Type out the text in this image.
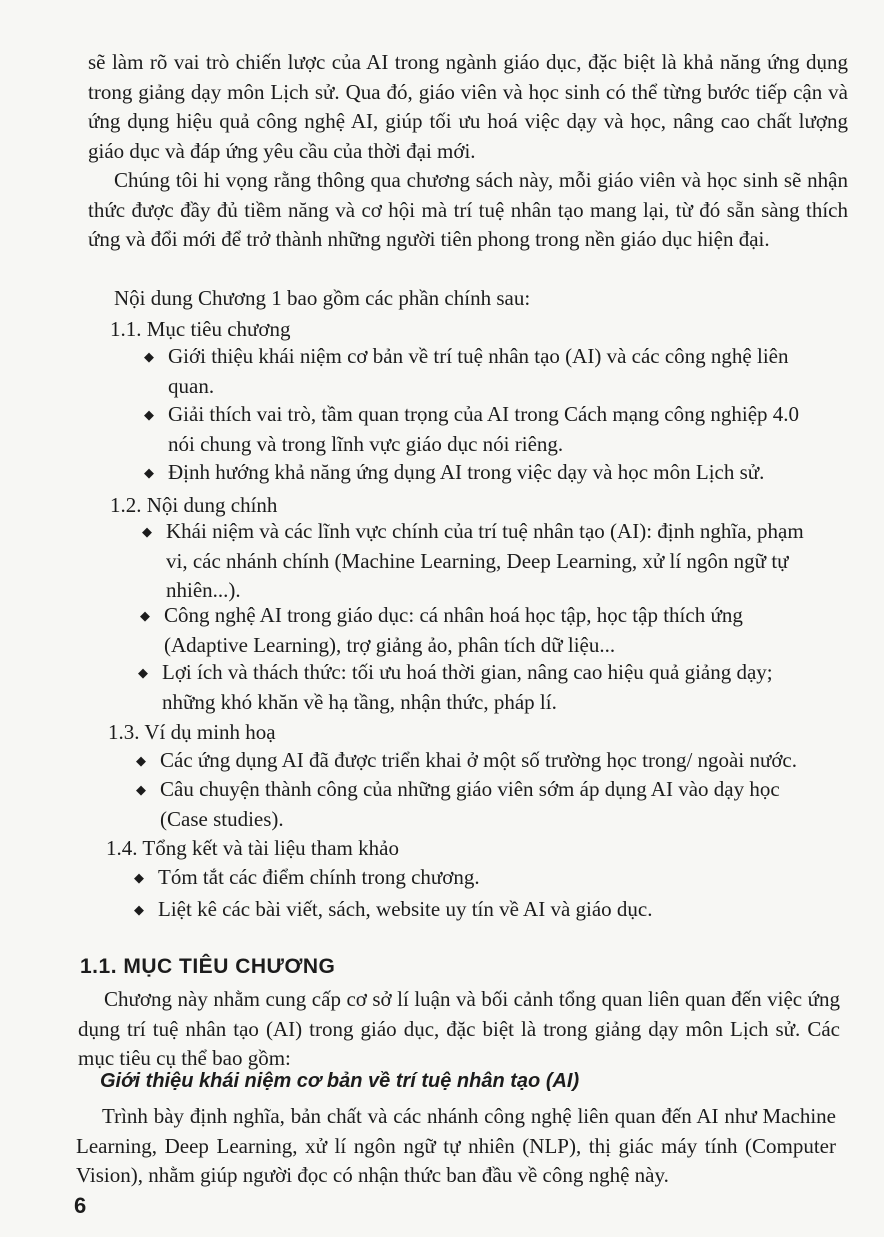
sẽ làm rõ vai trò chiến lược của AI trong ngành giáo dục, đặc biệt là khả năng ứng dụng trong giảng dạy môn Lịch sử. Qua đó, giáo viên và học sinh có thể từng bước tiếp cận và ứng dụng hiệu quả công nghệ AI, giúp tối ưu hoá việc dạy và học, nâng cao chất lượng giáo dục và đáp ứng yêu cầu của thời đại mới.

Chúng tôi hi vọng rằng thông qua chương sách này, mỗi giáo viên và học sinh sẽ nhận thức được đầy đủ tiềm năng và cơ hội mà trí tuệ nhân tạo mang lại, từ đó sẵn sàng thích ứng và đổi mới để trở thành những người tiên phong trong nền giáo dục hiện đại.

Nội dung Chương 1 bao gồm các phần chính sau:

1.1. Mục tiêu chương

◆ Giới thiệu khái niệm cơ bản về trí tuệ nhân tạo (AI) và các công nghệ liên quan.
◆ Giải thích vai trò, tầm quan trọng của AI trong Cách mạng công nghiệp 4.0 nói chung và trong lĩnh vực giáo dục nói riêng.
◆ Định hướng khả năng ứng dụng AI trong việc dạy và học môn Lịch sử.

1.2. Nội dung chính

◆ Khái niệm và các lĩnh vực chính của trí tuệ nhân tạo (AI): định nghĩa, phạm vi, các nhánh chính (Machine Learning, Deep Learning, xử lí ngôn ngữ tự nhiên...).
◆ Công nghệ AI trong giáo dục: cá nhân hoá học tập, học tập thích ứng (Adaptive Learning), trợ giảng ảo, phân tích dữ liệu...
◆ Lợi ích và thách thức: tối ưu hoá thời gian, nâng cao hiệu quả giảng dạy; những khó khăn về hạ tầng, nhận thức, pháp lí.

1.3. Ví dụ minh hoạ

◆ Các ứng dụng AI đã được triển khai ở một số trường học trong/ ngoài nước.
◆ Câu chuyện thành công của những giáo viên sớm áp dụng AI vào dạy học (Case studies).

1.4. Tổng kết và tài liệu tham khảo

◆ Tóm tắt các điểm chính trong chương.
◆ Liệt kê các bài viết, sách, website uy tín về AI và giáo dục.
1.1. MỤC TIÊU CHƯƠNG

Chương này nhằm cung cấp cơ sở lí luận và bối cảnh tổng quan liên quan đến việc ứng dụng trí tuệ nhân tạo (AI) trong giáo dục, đặc biệt là trong giảng dạy môn Lịch sử. Các mục tiêu cụ thể bao gồm:

Giới thiệu khái niệm cơ bản về trí tuệ nhân tạo (AI)

Trình bày định nghĩa, bản chất và các nhánh công nghệ liên quan đến AI như Machine Learning, Deep Learning, xử lí ngôn ngữ tự nhiên (NLP), thị giác máy tính (Computer Vision), nhằm giúp người đọc có nhận thức ban đầu về công nghệ này.

6
